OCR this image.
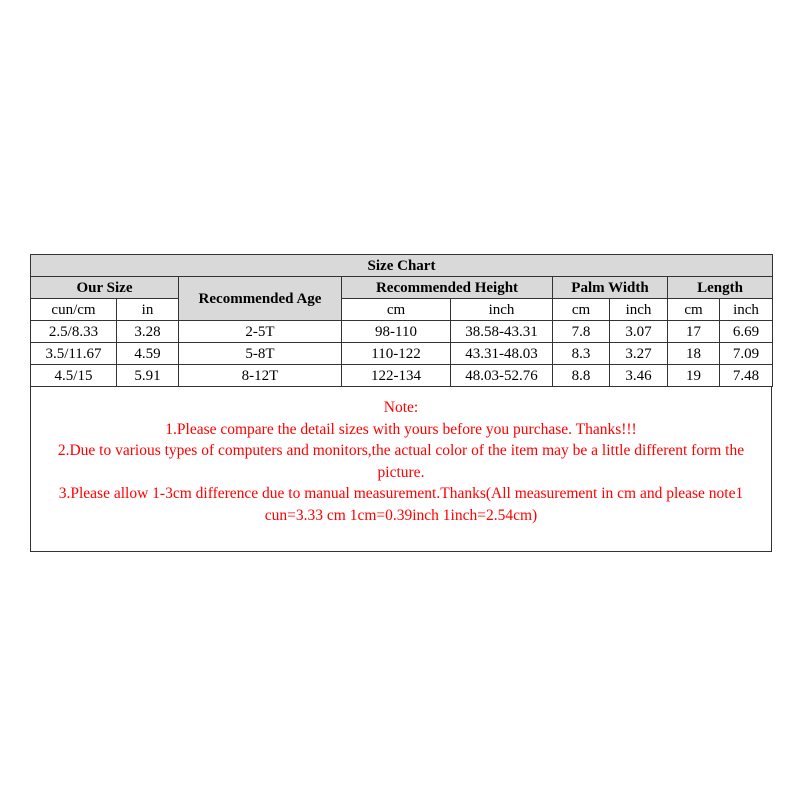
Size Chart								
Our Size		Recommended Age	Recommended Height		Palm Width		Length	
cun/cm	in		cm	inch	cm	inch	cm	inch
2.5/8.33	3.28	2-5T	98-110	38.58-43.31	7.8	3.07	17	6.69
3.5/11.67	4.59	5-8T	110-122	43.31-48.03	8.3	3.27	18	7.09
4.5/15	5.91	8-12T	122-134	48.03-52.76	8.8	3.46	19	7.48
Note:
1.Please compare the detail sizes with yours before you purchase. Thanks!!!
2.Due to various types of computers and monitors,the actual color of the item may be a little different form the picture.
3.Please allow 1-3cm difference due to manual measurement.Thanks(All measurement in cm and please note1 cun=3.33 cm 1cm=0.39inch 1inch=2.54cm)
